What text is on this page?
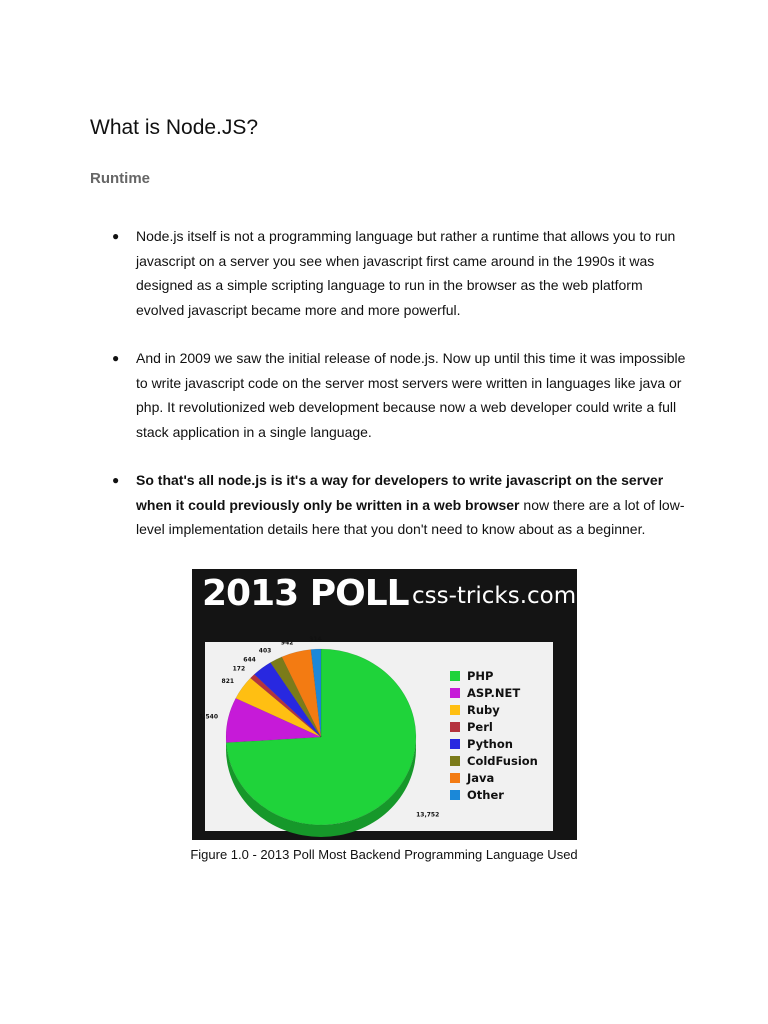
What is Node.JS?
Runtime
● Node.js itself is not a programming language but rather a runtime that allows you to run javascript on a server you see when javascript first came around in the 1990s it was designed as a simple scripting language to run in the browser as the web platform evolved javascript became more and more powerful.
● And in 2009 we saw the initial release of node.js. Now up until this time it was impossible to write javascript code on the server most servers were written in languages like java or php. It revolutionized web development because now a web developer could write a full stack application in a single language.
● So that's all node.js is it's a way for developers to write javascript on the server when it could previously only be written in a web browser now there are a lot of low-level implementation details here that you don't need to know about as a beginner.
2013 POLL css-tricks.com
13,752
1,540
821
172
644
403
942	314
PHP
ASP.NET
Ruby
Perl
Python
ColdFusion
Java
Other
Figure 1.0 - 2013 Poll Most Backend Programming Language Used
